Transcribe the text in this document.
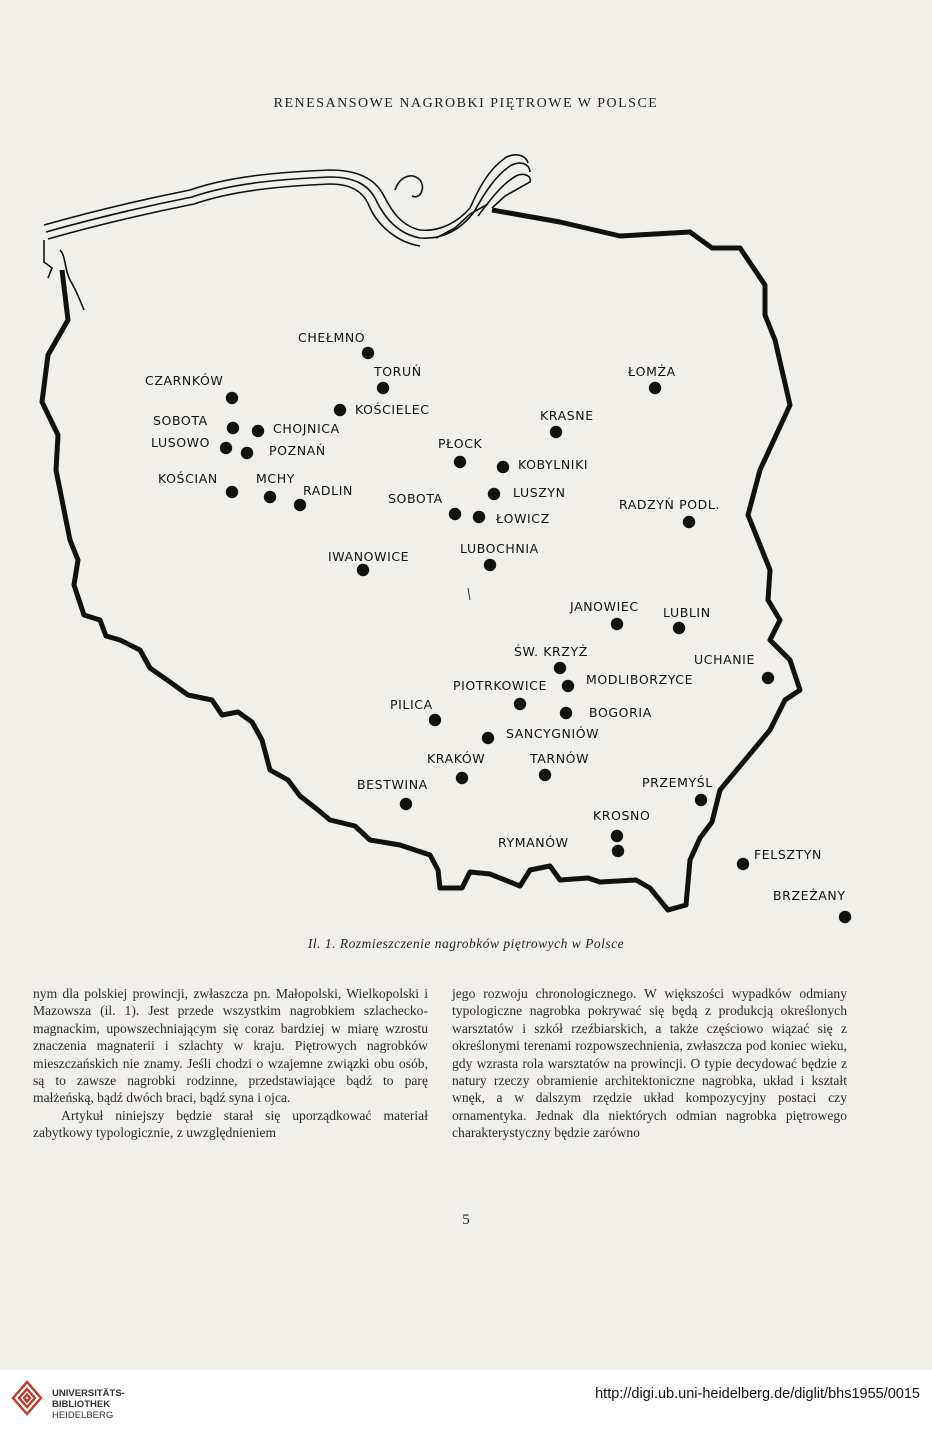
RENESANSOWE NAGROBKI PIĘTROWE W POLSCE
CHEŁMNO
TORUŃ
CZARNKÓW
KOŚCIELEC
SOBOTA
CHOJNICA
LUSOWO
POZNAŃ
KOŚCIAN	MCHY
RADLIN
ŁOMŻA
KRASNE
PŁOCK
KOBYLNIKI
LUSZYN
SOBOTA
ŁOWICZ
RADZYŃ PODL.
IWANOWICE
LUBOCHNIA
JANOWIEC LUBLIN
ŚW. KRZYŻ
UCHANIE
PIOTRKOWICE	MODLIBORZYCE
PILICA
BOGORIA
SANCYGNIÓW
KRAKÓW	TARNÓW
BESTWINA	PRZEMYŚL
KROSNO
RYMANÓW
FELSZTYN
BRZEŻANY
Il. 1. Rozmieszczenie nagrobków piętrowych w Polsce

nym dla polskiej prowincji, zwłaszcza pn. Małopolski, Wielkopolski i Mazowsza (il. 1). Jest przede wszystkim nagrobkiem szlachecko-magnackim, upowszechniającym się coraz bardziej w miarę wzrostu znaczenia magnaterii i szlachty w kraju. Piętrowych nagrobków mieszczańskich nie znamy. Jeśli chodzi o wzajemne związki obu osób, są to zawsze nagrobki rodzinne, przedstawiające bądź to parę małżeńską, bądź dwóch braci, bądź syna i ojca.

Artykuł niniejszy będzie starał się uporządkować materiał zabytkowy typologicznie, z uwzględnieniem

jego rozwoju chronologicznego. W większości wypadków odmiany typologiczne nagrobka pokrywać się będą z produkcją określonych warsztatów i szkół rzeźbiarskich, a także częściowo wiązać się z określonymi terenami rozpowszechnienia, zwłaszcza pod koniec wieku, gdy wzrasta rola warsztatów na prowincji. O typie decydować będzie z natury rzeczy obramienie architektoniczne nagrobka, układ i kształt wnęk, a w dalszym rzędzie układ kompozycyjny postaci czy ornamentyka. Jednak dla niektórych odmian nagrobka piętrowego charakterystyczny będzie zarówno

5
UNIVERSITÄTS-
BIBLIOTHEK
HEIDELBERG
http://digi.ub.uni-heidelberg.de/diglit/bhs1955/0015
